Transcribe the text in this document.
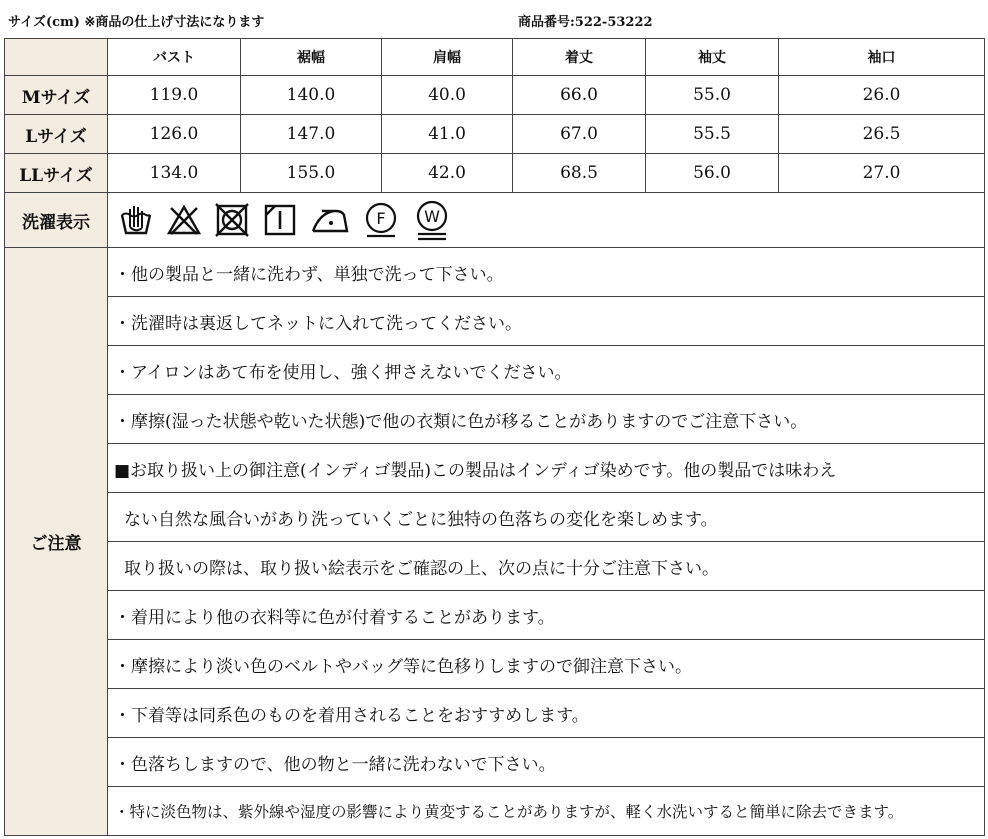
サイズ(cm) ※商品の仕上げ寸法になります	商品番号:522-53222
	バスト	裾幅	肩幅	着丈	袖丈	袖口
Mサイズ	119.0	140.0	40.0	66.0	55.0	26.0
Lサイズ	126.0	147.0	41.0	67.0	55.5	26.5
LLサイズ	134.0	155.0	42.0	68.5	56.0	27.0
洗濯表示	F W					

ご注意	・他の製品と一緒に洗わず、単独で洗って下さい。					
	・洗濯時は裏返してネットに入れて洗ってください。					
	・アイロンはあて布を使用し、強く押さえないでください。					
	・摩擦(湿った状態や乾いた状態)で他の衣類に色が移ることがありますのでご注意下さい。					
	■お取り扱い上の御注意(インディゴ製品)この製品はインディゴ染めです。他の製品では味わえ					
	ない自然な風合いがあり洗っていくごとに独特の色落ちの変化を楽しめます。					
	取り扱いの際は、取り扱い絵表示をご確認の上、次の点に十分ご注意下さい。					
	・着用により他の衣料等に色が付着することがあります。					
	・摩擦により淡い色のベルトやバッグ等に色移りしますので御注意下さい。					
	・下着等は同系色のものを着用されることをおすすめします。					
	・色落ちしますので、他の物と一緒に洗わないで下さい。					
	・特に淡色物は、紫外線や湿度の影響により黄変することがありますが、軽く水洗いすると簡単に除去できます。					
